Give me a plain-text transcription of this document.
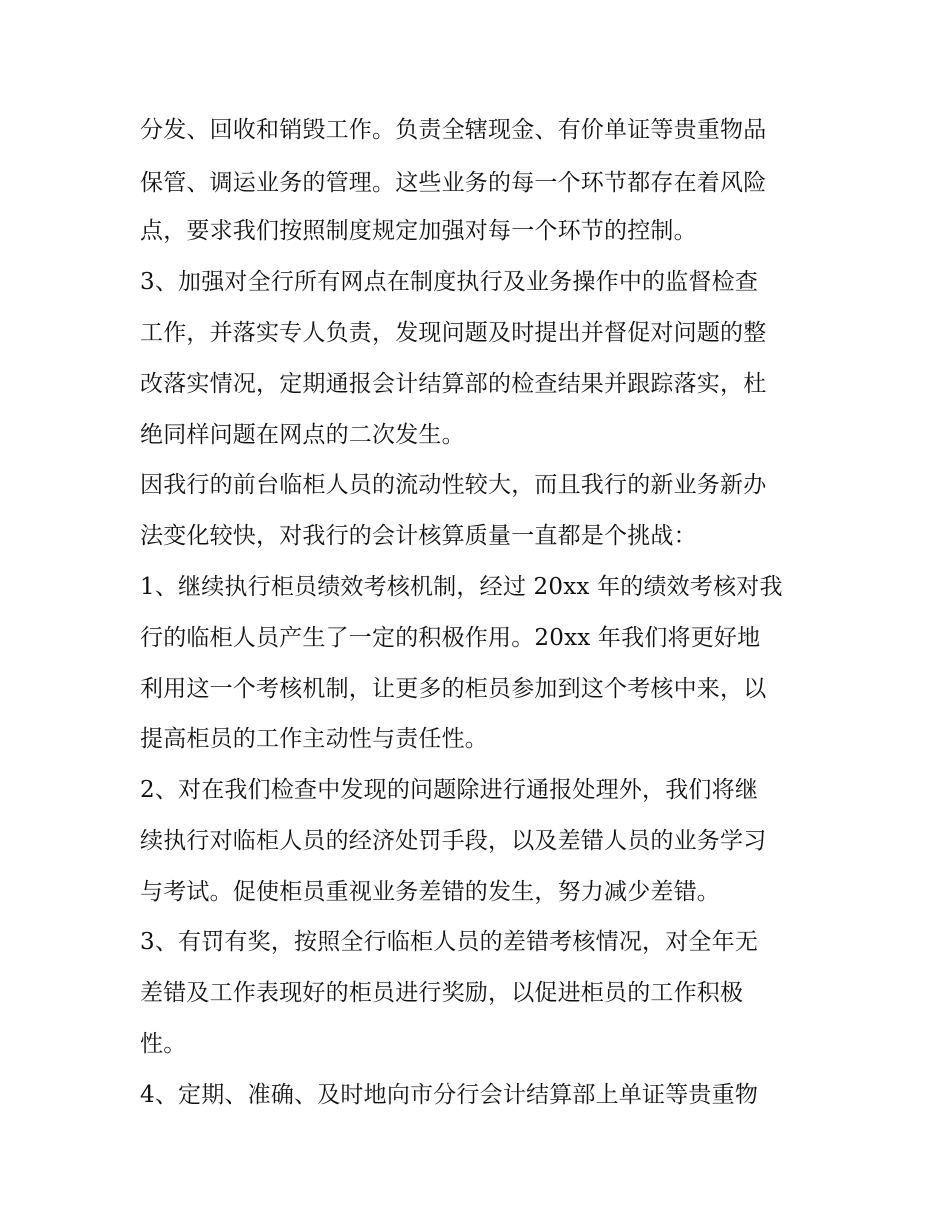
分发、回收和销毁工作。负责全辖现金、有价单证等贵重物品
保管、调运业务的管理。这些业务的每一个环节都存在着风险
点，要求我们按照制度规定加强对每一个环节的控制。
3、加强对全行所有网点在制度执行及业务操作中的监督检查
工作，并落实专人负责，发现问题及时提出并督促对问题的整
改落实情况，定期通报会计结算部的检查结果并跟踪落实，杜
绝同样问题在网点的二次发生。
因我行的前台临柜人员的流动性较大，而且我行的新业务新办
法变化较快，对我行的会计核算质量一直都是个挑战：
1、继续执行柜员绩效考核机制，经过 20xx 年的绩效考核对我
行的临柜人员产生了一定的积极作用。20xx 年我们将更好地
利用这一个考核机制，让更多的柜员参加到这个考核中来，以
提高柜员的工作主动性与责任性。
2、对在我们检查中发现的问题除进行通报处理外，我们将继
续执行对临柜人员的经济处罚手段，以及差错人员的业务学习
与考试。促使柜员重视业务差错的发生，努力减少差错。
3、有罚有奖，按照全行临柜人员的差错考核情况，对全年无
差错及工作表现好的柜员进行奖励，以促进柜员的工作积极
性。
4、定期、准确、及时地向市分行会计结算部上单证等贵重物
